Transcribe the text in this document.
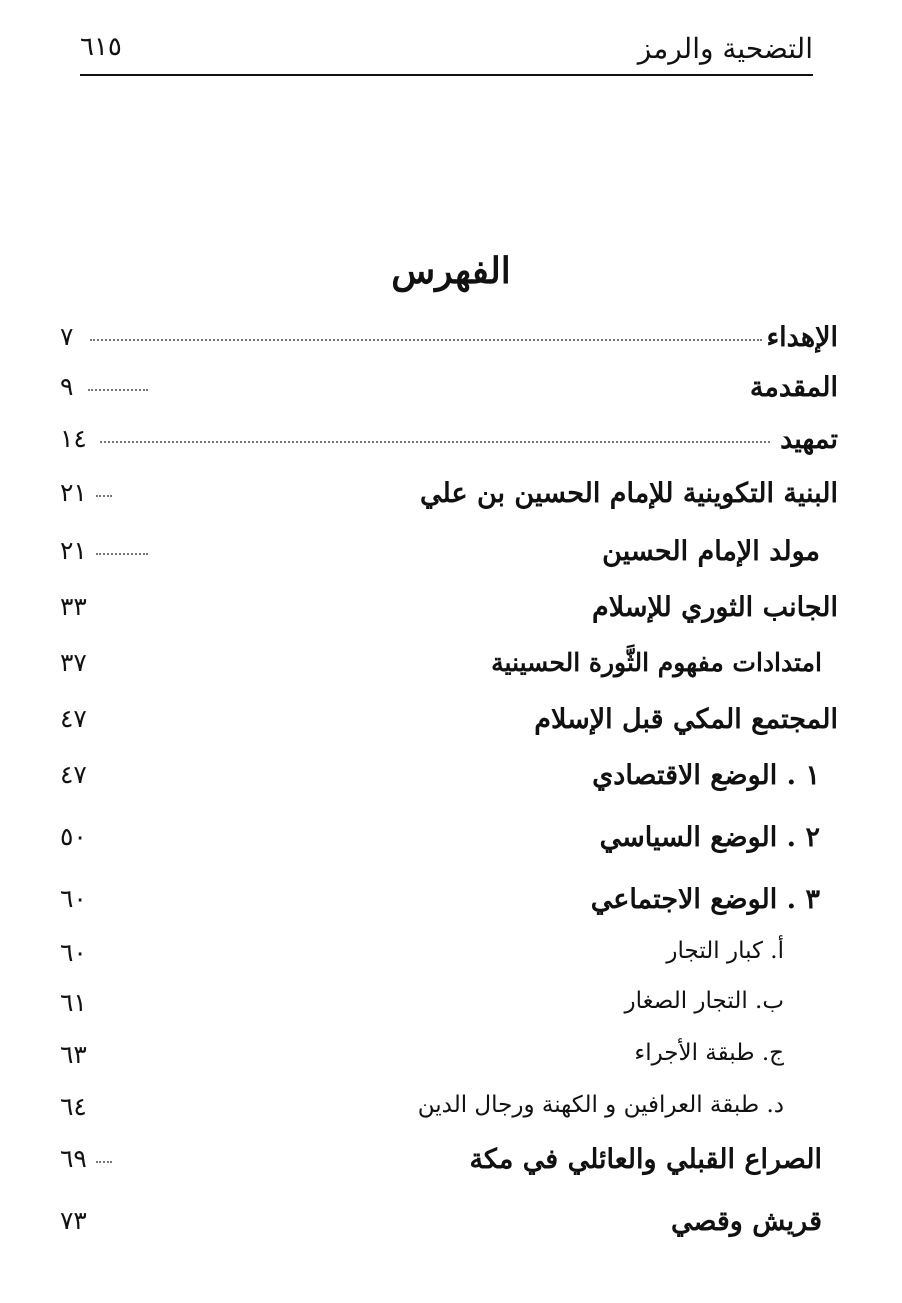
التضحية والرمز
٦١٥
الفهرس
الإهداء
٧
المقدمة
٩
تمهيد
١٤
البنية التكوينية للإمام الحسين بن علي
٢١
مولد الإمام الحسين
٢١
الجانب الثوري للإسلام
٣٣
امتدادات مفهوم الثَّورة الحسينية
٣٧
المجتمع المكي قبل الإسلام
٤٧
١ . الوضع الاقتصادي
٤٧
٢ . الوضع السياسي
٥٠
٣ . الوضع الاجتماعي
٦٠
أ. كبار التجار
٦٠
ب. التجار الصغار
٦١
ج. طبقة الأجراء
٦٣
د. طبقة العرافين و الكهنة ورجال الدين
٦٤
الصراع القبلي والعائلي في مكة
٦٩
قريش وقصي
٧٣
